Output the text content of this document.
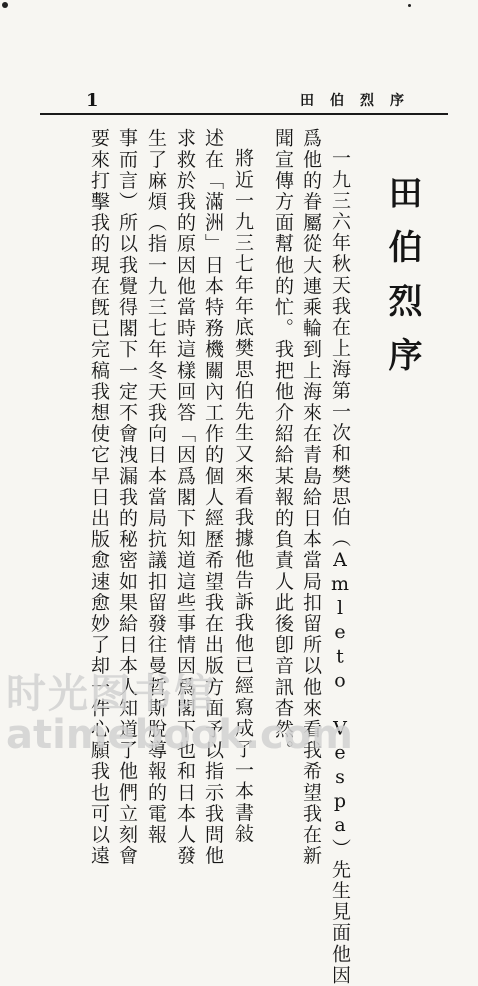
1	田伯烈序
田伯烈序
一九三六年秋天我在上海第一次和樊思伯（Amleto Vespa）先生見面他因
爲他的眷屬從大連乘輪到上海來在青島給日本當局扣留所以他來看我希望我在新
聞宣傳方面幫他的忙。我把他介紹給某報的負責人此後卽音訊杳然。
將近一九三七年年底樊思伯先生又來看我據他告訴我他已經寫成了一本書敍
述在「滿洲」日本特務機關內工作的個人經歷希望我在出版方面予以指示我問他
求救於我的原因他當時這樣回答「因爲閣下知道這些事情因爲閣下也和日本人發
生了麻煩（指一九三七年冬天我向日本當局抗議扣留發往曼哲斯脫導報的電報
事而言）所以我覺得閣下一定不會洩漏我的秘密如果給日本人知道了他們立刻會
要來打擊我的現在旣已完稿我想使它早日出版愈速愈妙了却一件心願我也可以遠
时光图书馆
atimebook.com
